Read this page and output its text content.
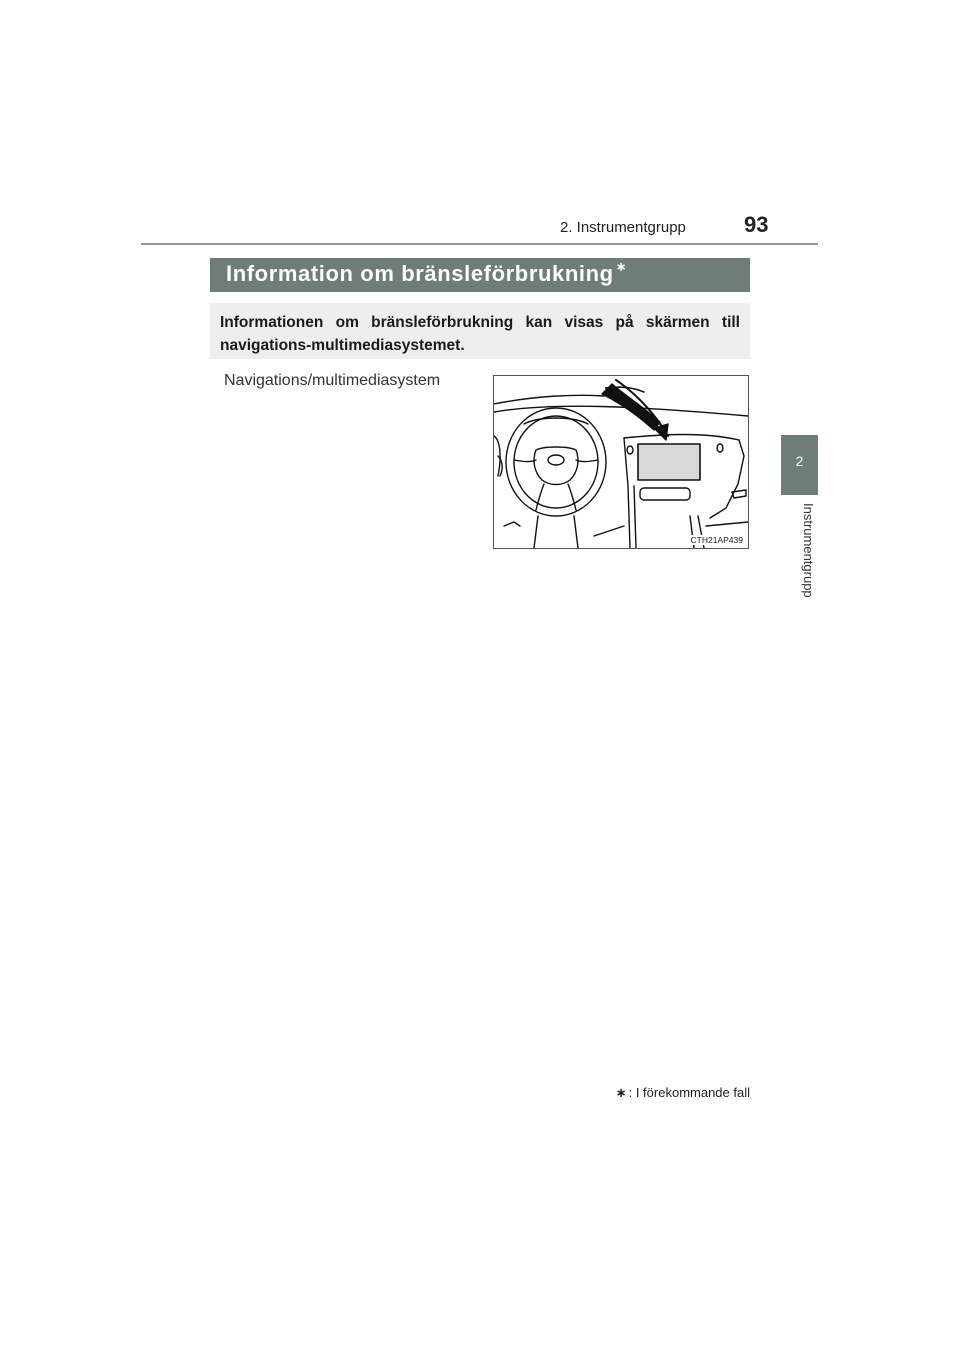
2. Instrumentgrupp	93
2
Instrumentgrupp
Information om bränsleförbrukning ∗
Informationen om bränsleförbrukning kan visas på skärmen till navigations-multimediasystemet.
Navigations/multimediasystem
CTH21AP439
∗ : I förekommande fall
